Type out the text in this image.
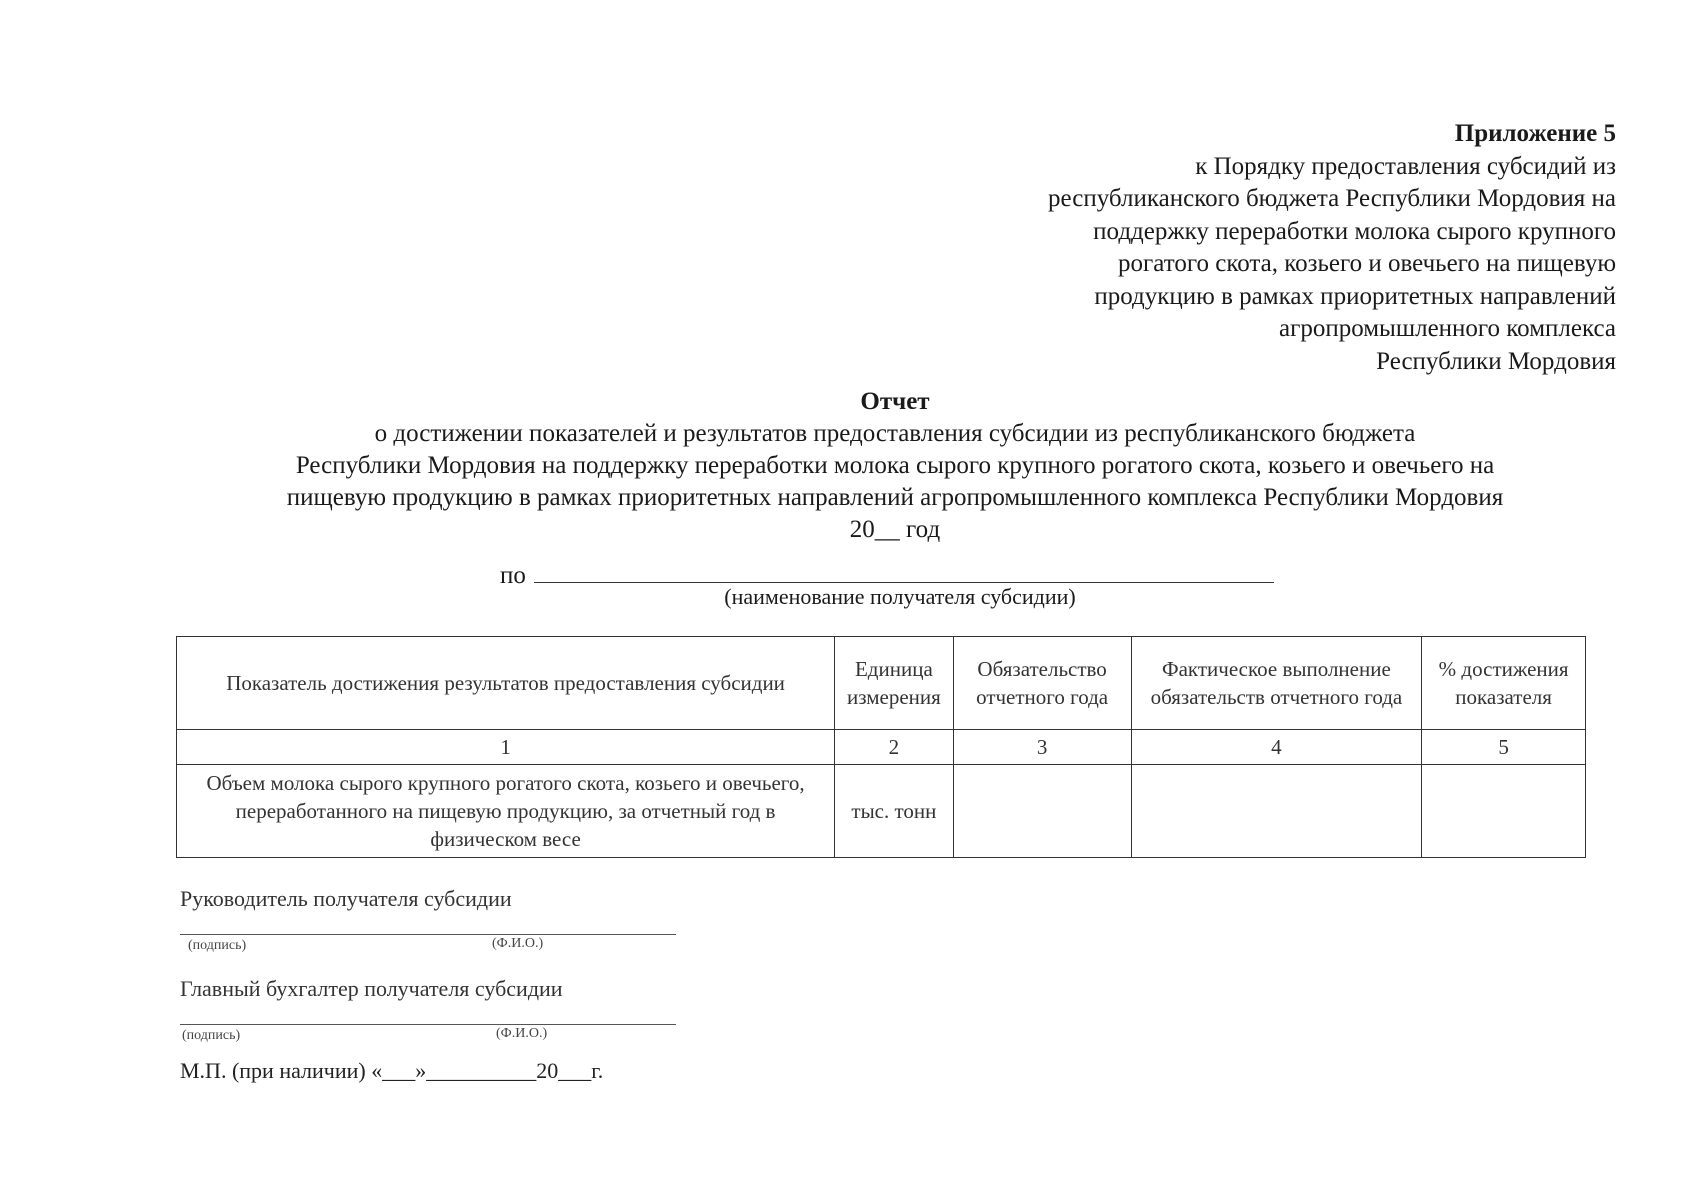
Приложение 5
к Порядку предоставления субсидий из
республиканского бюджета Республики Мордовия на
поддержку переработки молока сырого крупного
рогатого скота, козьего и овечьего на пищевую
продукцию в рамках приоритетных направлений
агропромышленного комплекса
Республики Мордовия
Отчет
о достижении показателей и результатов предоставления субсидии из республиканского бюджета
Республики Мордовия на поддержку переработки молока сырого крупного рогатого скота, козьего и овечьего на
пищевую продукцию в рамках приоритетных направлений агропромышленного комплекса Республики Мордовия
20__ год
по
(наименование получателя субсидии)
Показатель достижения результатов предоставления субсидии	Единица измерения	Обязательство отчетного года	Фактическое выполнение обязательств отчетного года	% достижения показателя
1	2	3	4	5
Объем молока сырого крупного рогатого скота, козьего и овечьего, переработанного на пищевую продукцию, за отчетный год в физическом весе	тыс. тонн			
Руководитель получателя субсидии
(подпись)	(Ф.И.О.)
Главный бухгалтер получателя субсидии
(подпись)	(Ф.И.О.)
М.П. (при наличии) «___»__________20___г.
